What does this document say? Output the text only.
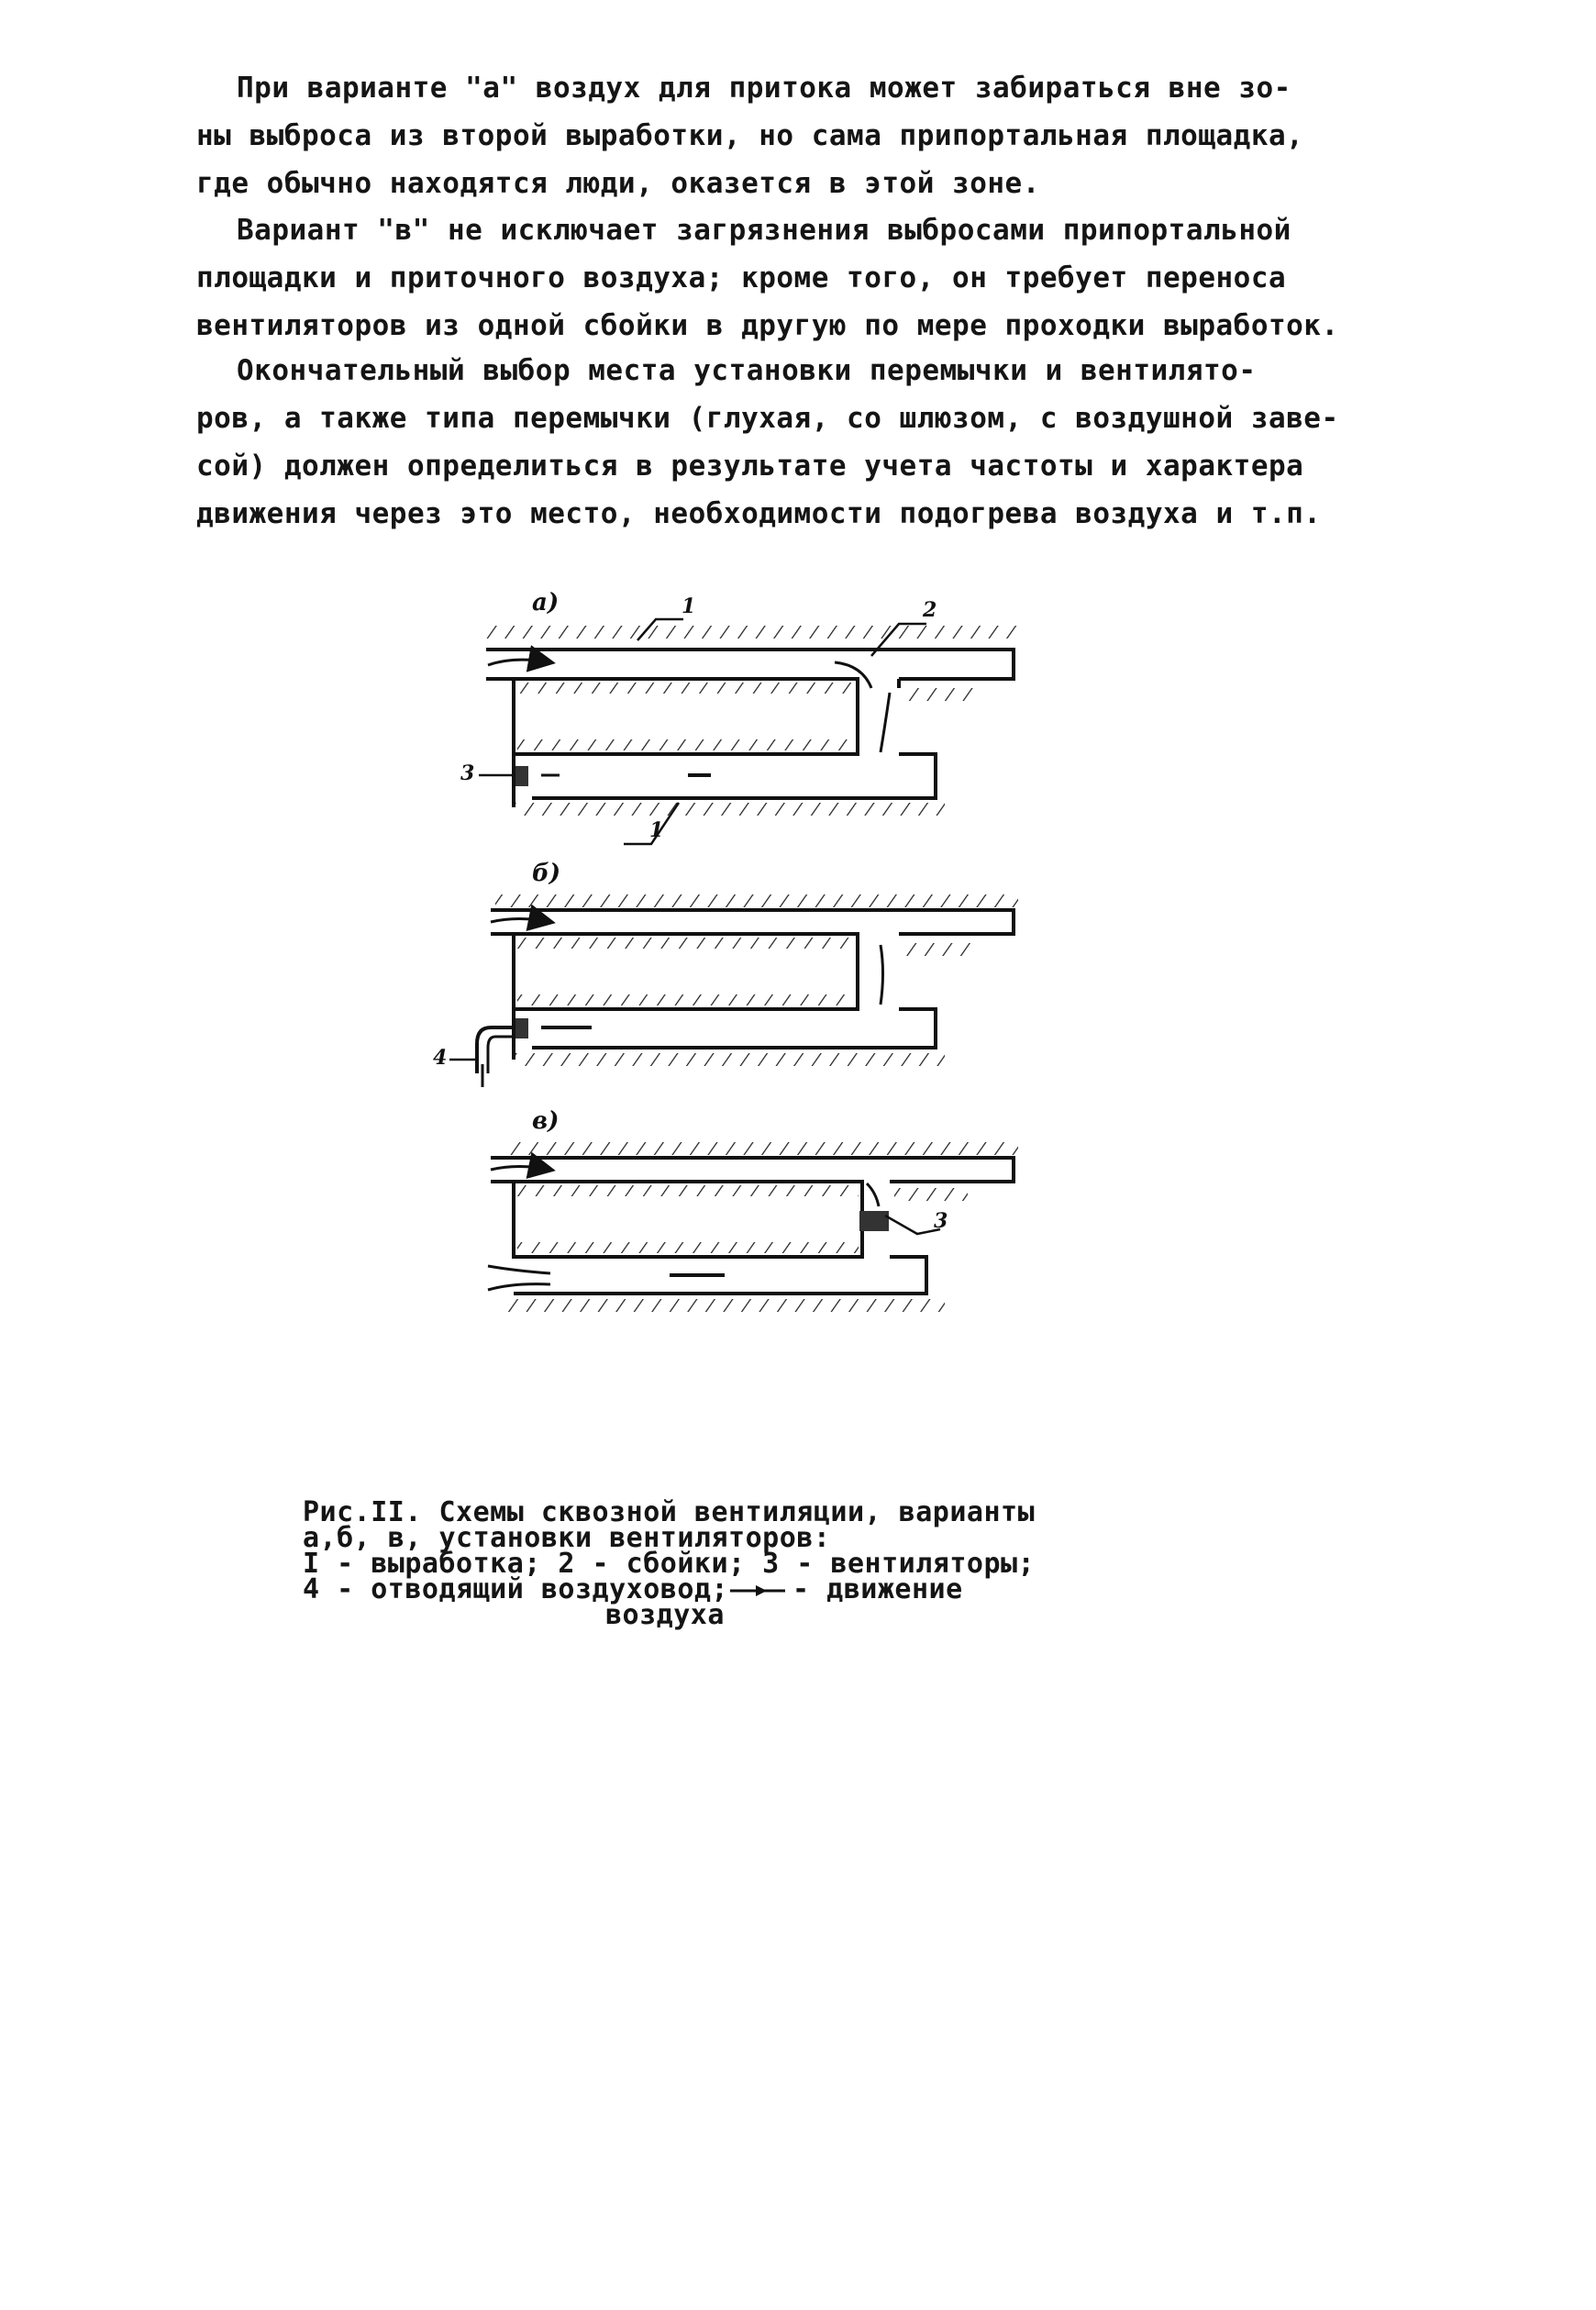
При варианте "а" воздух для притока может забираться вне зо-
ны выброса из второй выработки, но сама припортальная площадка,
где обычно находятся люди, оказется в этой зоне.
Вариант "в" не исключает загрязнения выбросами припортальной
площадки и приточного воздуха; кроме того, он требует переноса
вентиляторов из одной сбойки в другую по мере проходки выработок.
Окончательный выбор места установки перемычки и вентилято-
ров, а также типа перемычки (глухая, со шлюзом, с воздушной заве-
сой) должен определиться в результате учета частоты и характера
движения через это место, необходимости подогрева воздуха и т.п.
а)	1	2
3
1
б)
4
в)
3
Рис.II. Схемы сквозной вентиляции, варианты
а,б, в, установки вентиляторов:
I - выработка; 2 - сбойки; 3 - вентиляторы;
4 - отводящий воздуховод; - движение
воздуха
